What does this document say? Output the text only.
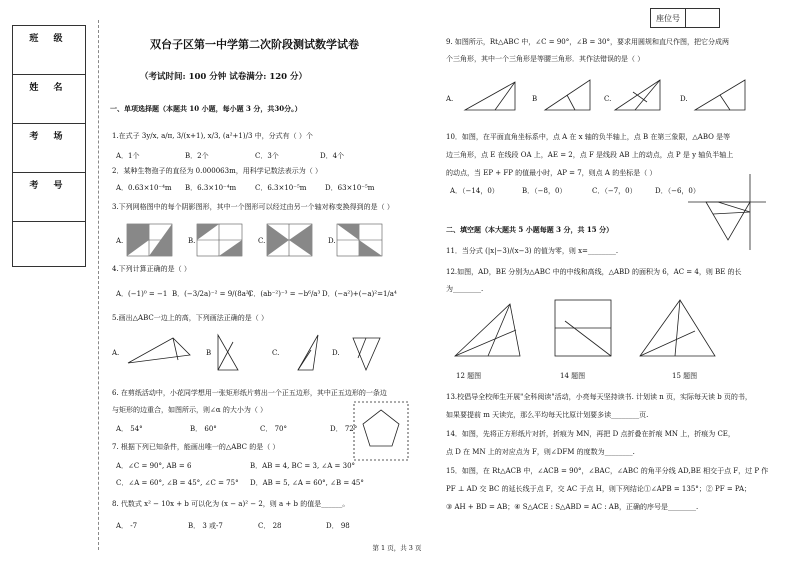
班 级
姓 名
考 场
考 号
座位号
双台子区第一中学第二次阶段测试数学试卷
（考试时间: 100 分钟 试卷满分: 120 分）
一、单项选择题（本题共 10 小题，每小题 3 分，共30分。）
1.在式子 3y/x, a/π, 3/(x+1), x/3, (a²+1)/3 中，分式有（ ）个
A．1个	B．2个	C．3个	D．4个
2．某种生物孢子的直径为 0.000063m，用科学记数法表示为（ ）
A．0.63×10⁻⁴m B．6.3×10⁻⁴m	C．6.3×10⁻⁵m	D．63×10⁻⁵m
3.下列网格图中的每个阴影图形，其中一个图形可以经过由另一个轴对称变换得到的是（ ）
A.	B.	C.	D.
4.下列计算正确的是（ ）
A．(−1)⁰ = −1 B．(−3/2a)⁻² = 9/(8a²)
C．(ab⁻²)⁻³ = −b⁶/a³ D．(−a²)+(−a)²=1/a⁴
5.画出△ABC一边上的高，下列画法正确的是（ ）
A.	B	C.	D.
6. 在剪纸活动中，小花同学想用一张矩形纸片剪出一个正五边形，其中正五边形的一条边
与矩形的边重合，如图所示，则∠α 的大小为（ ）
A． 54°	B． 60°	C． 70°	D． 72°
7. 根据下列已知条件，能画出唯一的△ABC 的是（ ）
A．∠C = 90°, AB = 6	B．AB = 4, BC = 3, ∠A = 30°
C．∠A = 60°, ∠B = 45°, ∠C = 75° D．AB = 5, ∠A = 60°, ∠B = 45°
8. 代数式 x² − 10x + b 可以化为 (x − a)² − 2，则 a + b 的值是______。
A． -7	B． 3 或-7	C． 28	D． 98
9. 如图所示，Rt△ABC 中，∠C = 90°，∠B = 30°，要求用圆规和直尺作图，把它分成两
个三角形，其中一个三角形是等腰三角形．其作法错误的是（ ）
A.	B	C.	D.
10．如图，在平面直角坐标系中，点 A 在 x 轴的负半轴上，点 B 在第三象限，△ABO 是等
边三角形，点 E 在线段 OA 上，AE = 2，点 F 是线段 AB 上的动点，点 P 是 y 轴负半轴上
的动点，当 EP + FP 的值最小时，AP = 7，则点 A 的坐标是（ ）
A．（−14，0）	B．（−8，0）	C．（−7，0）	D．（−6，0）
二、填空题（本大题共 5 小题每题 3 分，共 15 分）
11．当分式 (|x|−3)/(x−3) 的值为零，则 x=________.
12.如图，AD，BE 分别为△ABC 中的中线和高线，△ABD 的面积为 6，AC = 4，则 BE 的长
为________.
12 题图	14 题图	15 题图
13.校倡导全校师生开展"全科阅读"活动，小亮每天坚持读书. 计划读 n 页，实际每天读 b 页的书，
如果要提前 m 天读完，那么平均每天比原计划要多读________页.
14．如图，先将正方形纸片对折，折痕为 MN，再把 D 点折叠在折痕 MN 上，折痕为 CE，
点 D 在 MN 上的对应点为 F，则∠DFM 的度数为________.
15．如图，在 Rt△ACB 中，∠ACB = 90°，∠BAC，∠ABC 的角平分线 AD,BE 相交于点 F，过 P 作
PF ⊥ AD 交 BC 的延长线于点 F，交 AC 于点 H，则下列结论①∠APB = 135°；② PF = PA；
③ AH + BD = AB；④ S△ACE : S△ABD = AC : AB，正确的序号是________.
第 1 页，共 3 页
